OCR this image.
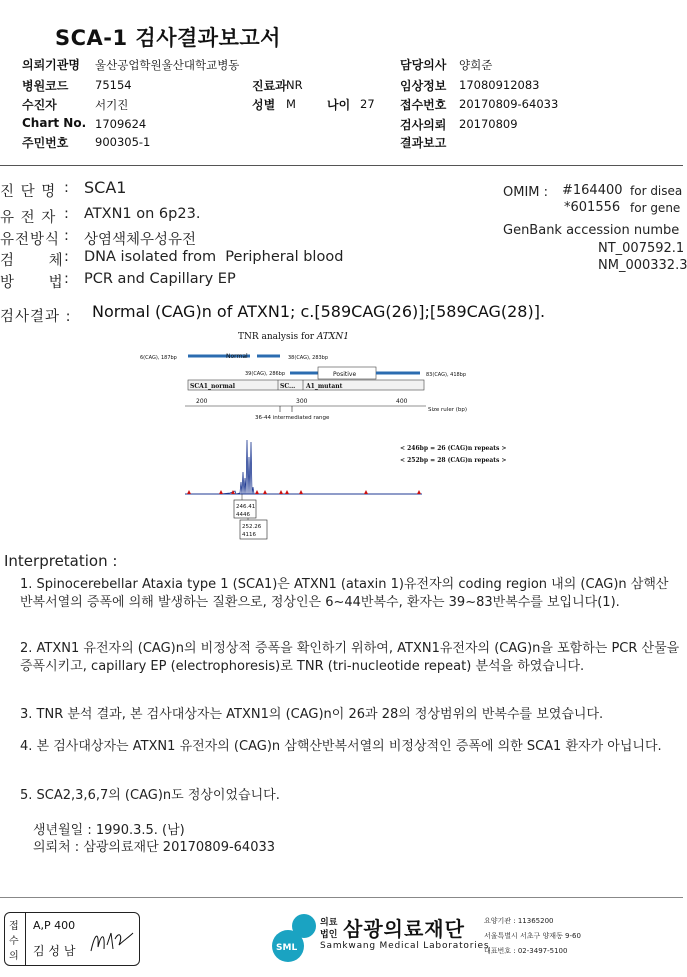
SCA-1 검사결과보고서
의뢰기관명 울산공업학원울산대학교병동
병원코드 75154
수진자	서기진
Chart No. 1709624
주민번호 900305-1
진료과 NR
성별 M	나이 27
담당의사 양희준
임상정보 17080912083
접수번호 20170809-64033
검사의뢰 20170809
결과보고
진 단 명 : SCA1
유 전 자 : ATXN1 on 6p23.
유전방식 : 상염색체우성유전
검      체 : DNA isolated from  Peripheral blood
방      법 : PCR and Capillary EP
OMIM : #164400 for disea
*601556 for gene
GenBank accession numbe
NT_007592.1
NM_000332.3
검사결과 : Normal (CAG)n of ATXN1; c.[589CAG(26)];[589CAG(28)].
TNR analysis for ATXN1
6(CAG), 187bp	Normal	38(CAG), 283bp
39(CAG), 286bp	Positive	83(CAG), 418bp
SCA1_normal	SC... A1_mutant
200	300	400
Size ruler (bp)
36-44 intermediated range
< 246bp = 26 (CAG)n repeats >
< 252bp = 28 (CAG)n repeats >
246.41
4446
252.26
4116
Interpretation :
1. Spinocerebellar Ataxia type 1 (SCA1)은 ATXN1 (ataxin 1)유전자의 coding region 내의 (CAG)n 삼핵산 반복서열의 증폭에 의해 발생하는 질환으로, 정상인은 6~44반복수, 환자는 39~83반복수를 보입니다(1).
2. ATXN1 유전자의 (CAG)n의 비정상적 증폭을 확인하기 위하여, ATXN1유전자의 (CAG)n을 포함하는 PCR 산물을 증폭시키고, capillary EP (electrophoresis)로 TNR (tri-nucleotide repeat) 분석을 하였습니다.
3. TNR 분석 결과, 본 검사대상자는 ATXN1의 (CAG)n이 26과 28의 정상범위의 반복수를 보였습니다.
4. 본 검사대상자는 ATXN1 유전자의 (CAG)n 삼핵산반복서열의 비정상적인 증폭에 의한 SCA1 환자가 아닙니다.
5. SCA2,3,6,7의 (CAG)n도 정상이었습니다.
생년월일 : 1990.3.5. (남)
의뢰처 : 삼광의료재단 20170809-64033
접
수
의
A,P 400
김 성 남	SML
의료
법인 삼광의료재단
Samkwang Medical Laboratories
요양기관 : 11365200
서울특별시 서초구 양재동 9-60
대표번호 : 02-3497-5100
